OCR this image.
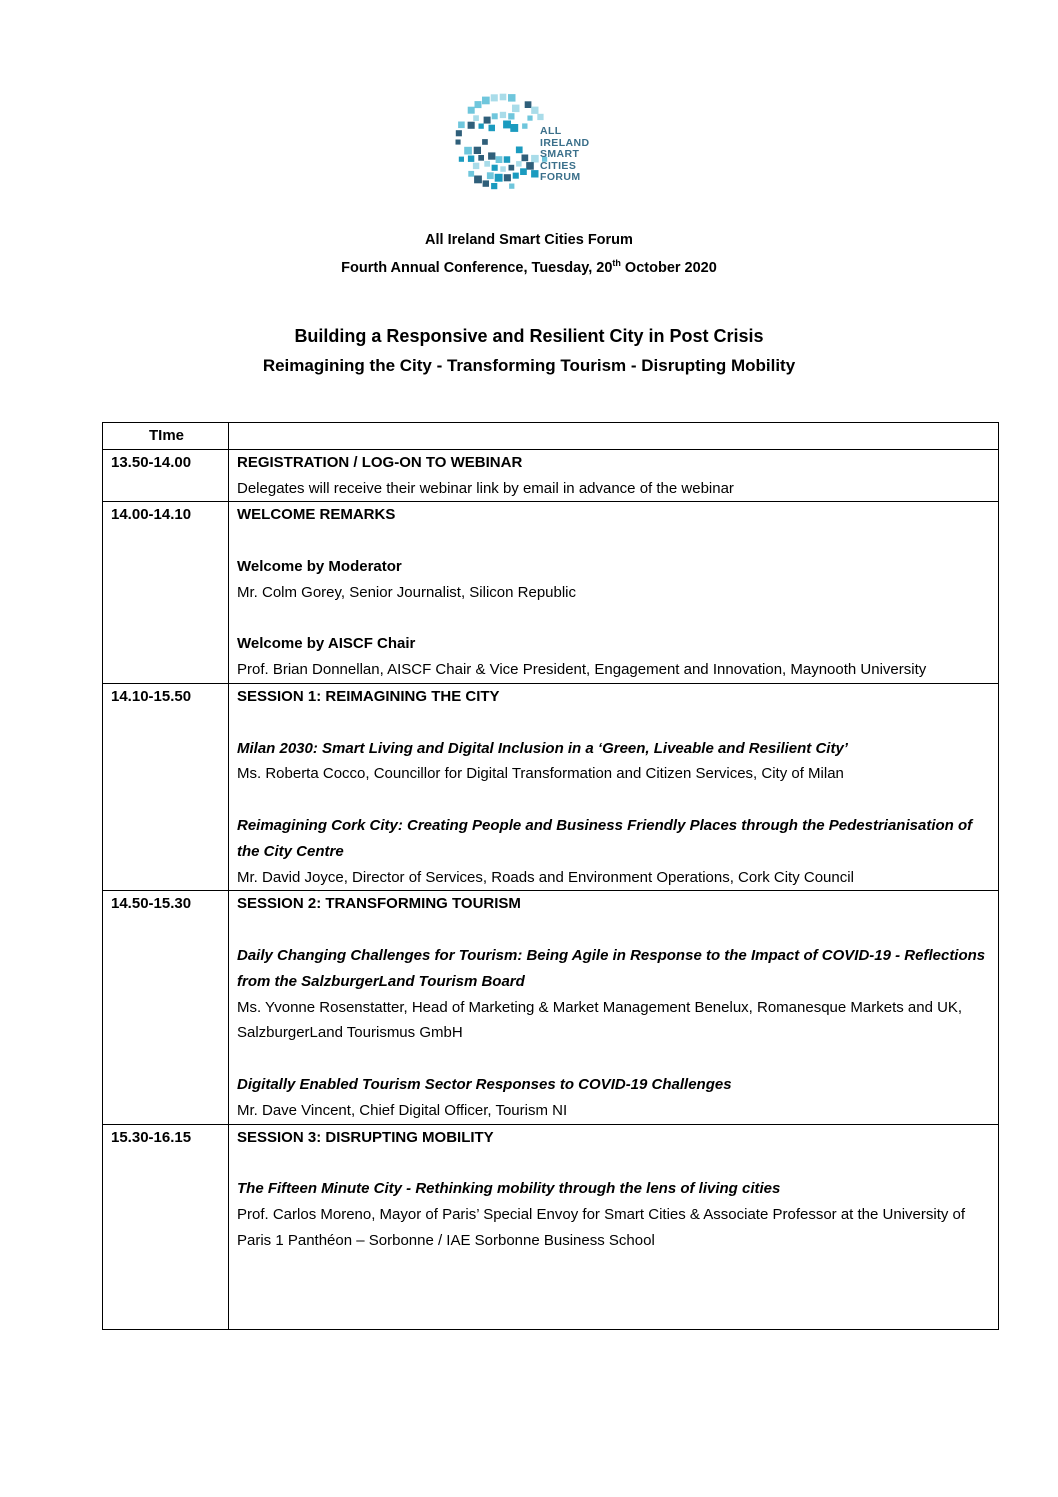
ALL
IRELAND
SMART
CITIES
FORUM
All Ireland Smart Cities Forum
Fourth Annual Conference, Tuesday, 20th October 2020
Building a Responsive and Resilient City in Post Crisis
Reimagining the City - Transforming Tourism - Disrupting Mobility
TIme	
13.50-14.00	REGISTRATION / LOG-ON TO WEBINAR
Delegates will receive their webinar link by email in advance of the webinar

14.00-14.10	WELCOME REMARKS
Welcome by Moderator
Mr. Colm Gorey, Senior Journalist, Silicon Republic
Welcome by AISCF Chair
Prof. Brian Donnellan, AISCF Chair & Vice President, Engagement and Innovation, Maynooth University

14.10-15.50	SESSION 1: REIMAGINING THE CITY
Milan 2030: Smart Living and Digital Inclusion in a ‘Green, Liveable and Resilient City’
Ms. Roberta Cocco, Councillor for Digital Transformation and Citizen Services, City of Milan
Reimagining Cork City: Creating People and Business Friendly Places through the Pedestrianisation of the City Centre
Mr. David Joyce, Director of Services, Roads and Environment Operations, Cork City Council

14.50-15.30	SESSION 2: TRANSFORMING TOURISM
Daily Changing Challenges for Tourism: Being Agile in Response to the Impact of COVID-19 - Reflections from the SalzburgerLand Tourism Board
Ms. Yvonne Rosenstatter, Head of Marketing & Market Management Benelux, Romanesque Markets and UK, SalzburgerLand Tourismus GmbH
Digitally Enabled Tourism Sector Responses to COVID-19 Challenges
Mr. Dave Vincent, Chief Digital Officer, Tourism NI

15.30-16.15	SESSION 3: DISRUPTING MOBILITY
The Fifteen Minute City - Rethinking mobility through the lens of living cities
Prof. Carlos Moreno, Mayor of Paris’ Special Envoy for Smart Cities & Associate Professor at the University of Paris 1 Panthéon – Sorbonne / IAE Sorbonne Business School
